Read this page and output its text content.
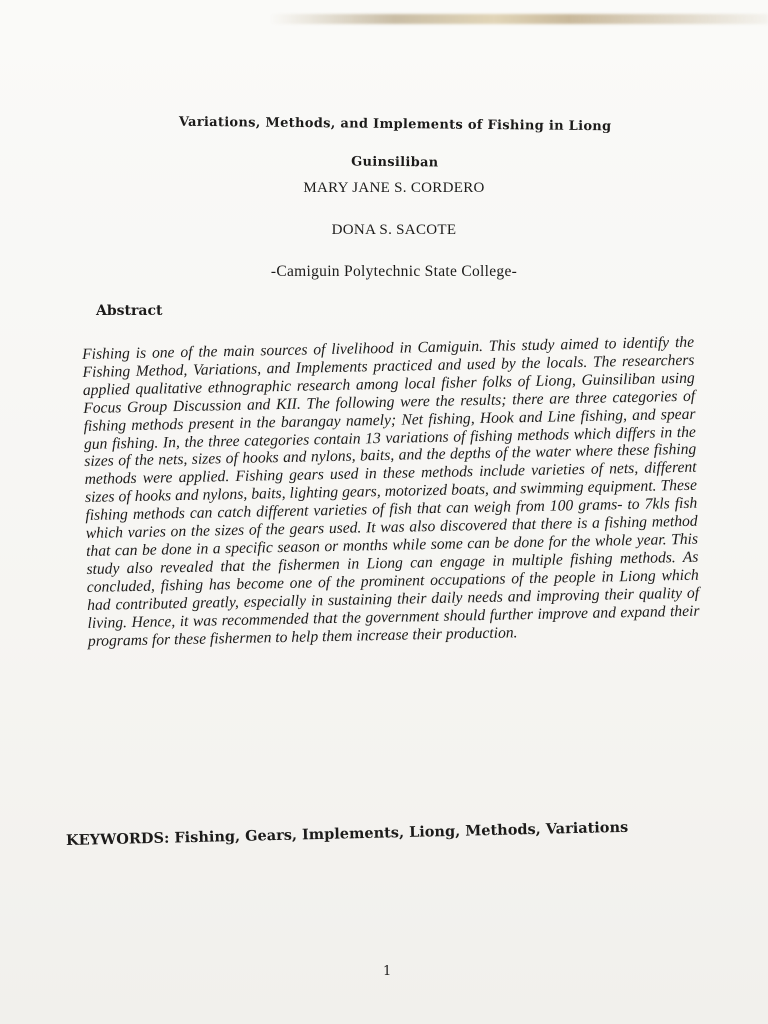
Variations, Methods, and Implements of Fishing in Liong Guinsiliban
MARY JANE S. CORDERO
DONA S. SACOTE
-Camiguin Polytechnic State College-
Abstract
Fishing is one of the main sources of livelihood in Camiguin. This study aimed to identify the Fishing Method, Variations, and Implements practiced and used by the locals. The researchers applied qualitative ethnographic research among local fisher folks of Liong, Guinsiliban using Focus Group Discussion and KII. The following were the results; there are three categories of fishing methods present in the barangay namely; Net fishing, Hook and Line fishing, and spear gun fishing. In, the three categories contain 13 variations of fishing methods which differs in the sizes of the nets, sizes of hooks and nylons, baits, and the depths of the water where these fishing methods were applied. Fishing gears used in these methods include varieties of nets, different sizes of hooks and nylons, baits, lighting gears, motorized boats, and swimming equipment. These fishing methods can catch different varieties of fish that can weigh from 100 grams- to 7kls fish which varies on the sizes of the gears used. It was also discovered that there is a fishing method that can be done in a specific season or months while some can be done for the whole year. This study also revealed that the fishermen in Liong can engage in multiple fishing methods. As concluded, fishing has become one of the prominent occupations of the people in Liong which had contributed greatly, especially in sustaining their daily needs and improving their quality of living. Hence, it was recommended that the government should further improve and expand their programs for these fishermen to help them increase their production.
KEYWORDS: Fishing, Gears, Implements, Liong, Methods, Variations
1
